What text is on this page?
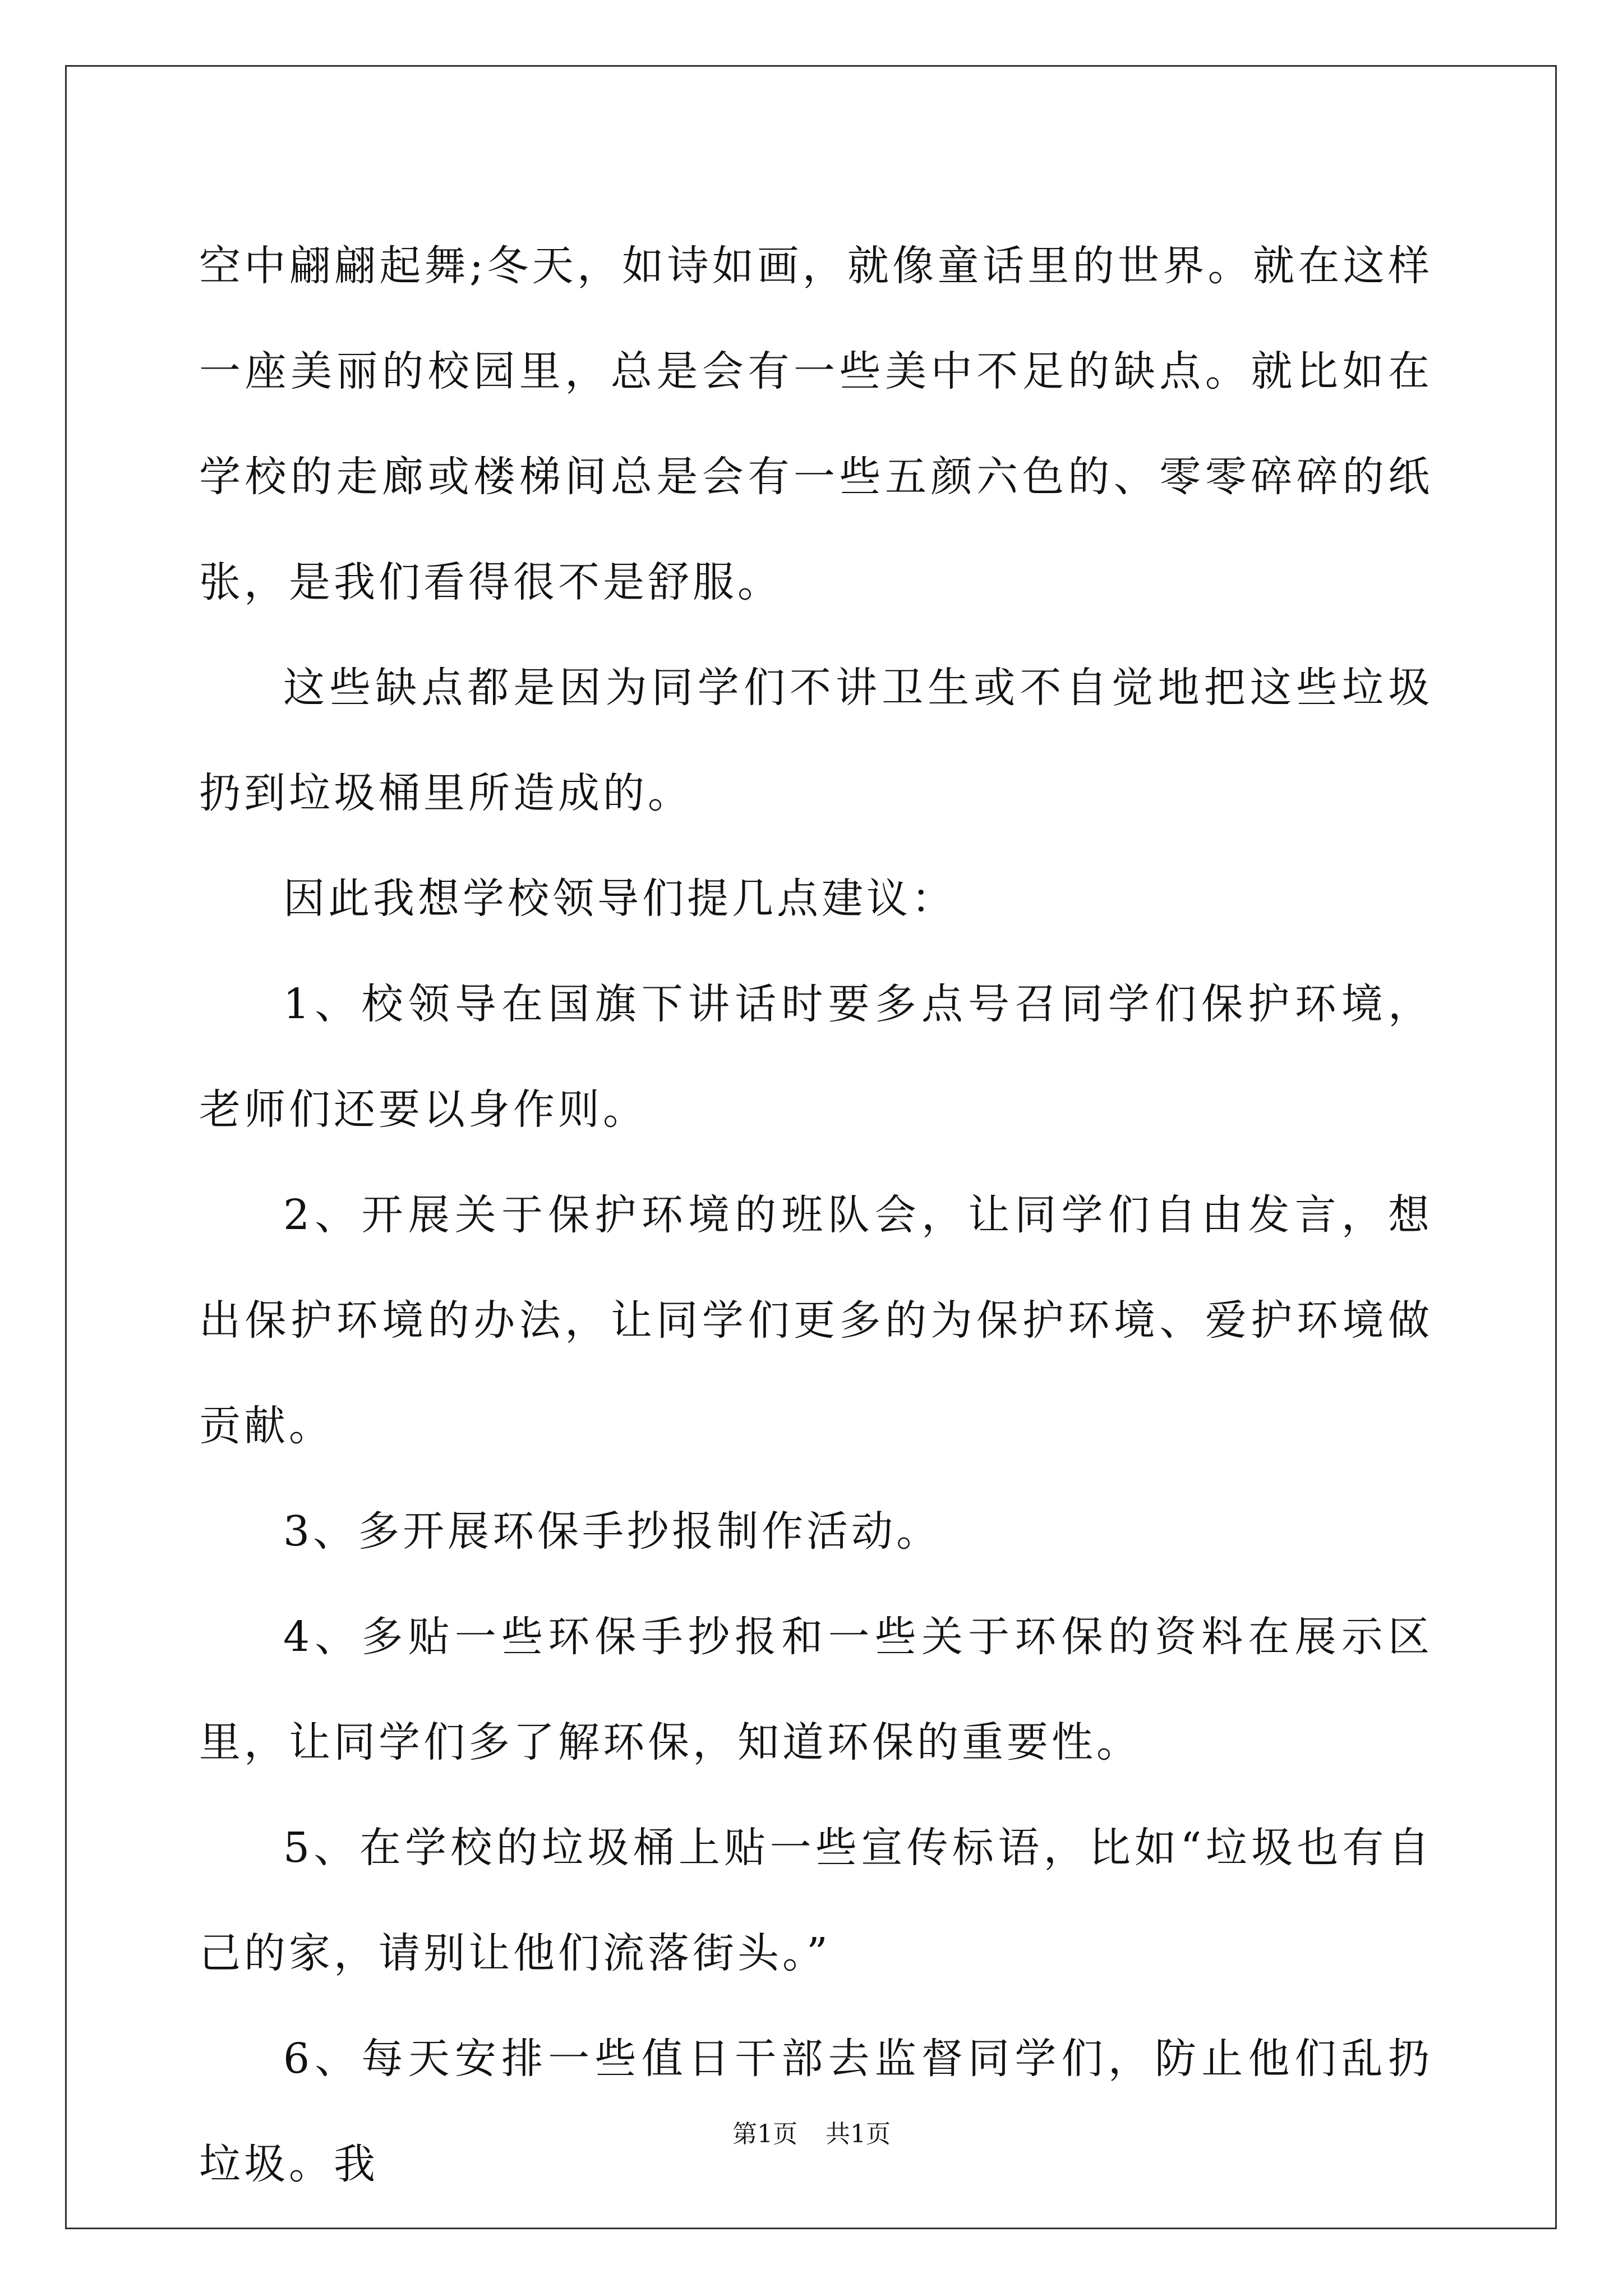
空中翩翩起舞;冬天，如诗如画，就像童话里的世界。就在这样一座美丽的校园里，总是会有一些美中不足的缺点。就比如在学校的走廊或楼梯间总是会有一些五颜六色的、零零碎碎的纸张，是我们看得很不是舒服。

这些缺点都是因为同学们不讲卫生或不自觉地把这些垃圾扔到垃圾桶里所造成的。

因此我想学校领导们提几点建议：

1、校领导在国旗下讲话时要多点号召同学们保护环境，老师们还要以身作则。

2、开展关于保护环境的班队会，让同学们自由发言，想出保护环境的办法，让同学们更多的为保护环境、爱护环境做贡献。

3、多开展环保手抄报制作活动。

4、多贴一些环保手抄报和一些关于环保的资料在展示区里，让同学们多了解环保，知道环保的重要性。

5、在学校的垃圾桶上贴一些宣传标语，比如“垃圾也有自己的家，请别让他们流落街头。”

6、每天安排一些值日干部去监督同学们，防止他们乱扔垃圾。我

第1页 共1页
